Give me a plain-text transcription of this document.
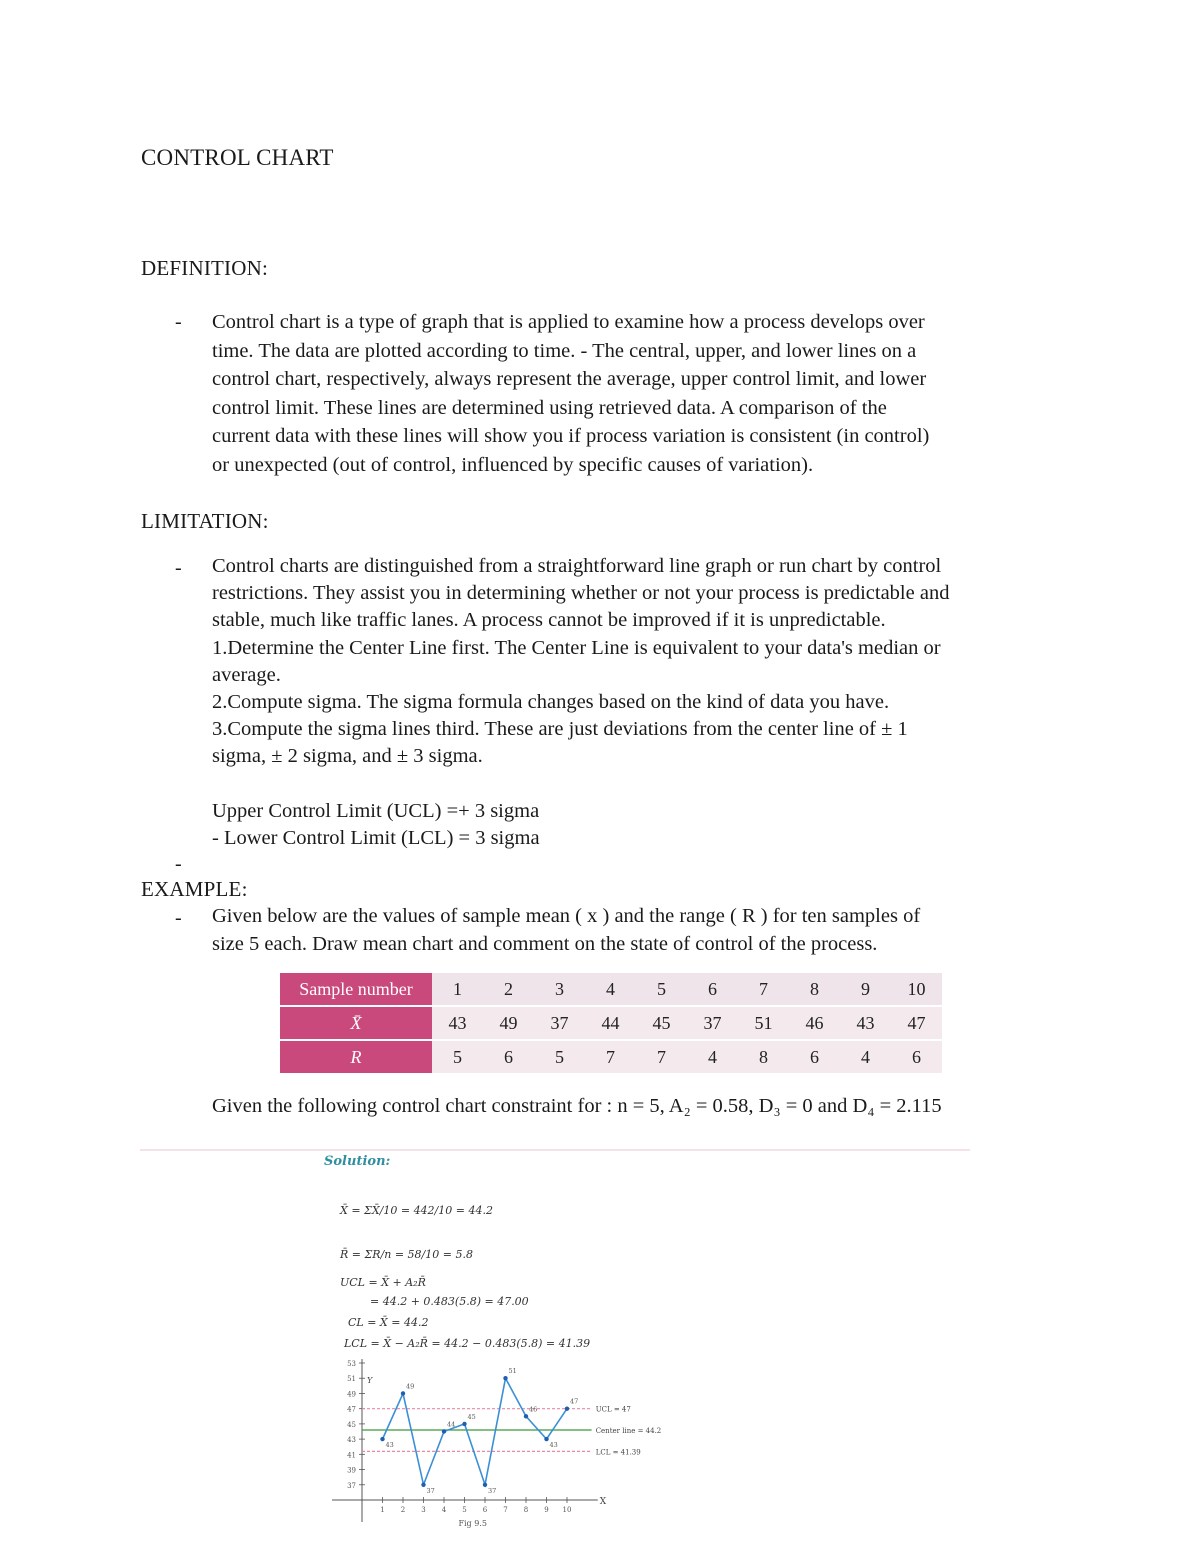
CONTROL CHART
DEFINITION:
- Control chart is a type of graph that is applied to examine how a process develops over

time. The data are plotted according to time. - The central, upper, and lower lines on a

control chart, respectively, always represent the average, upper control limit, and lower

control limit. These lines are determined using retrieved data. A comparison of the

current data with these lines will show you if process variation is consistent (in control)

or unexpected (out of control, influenced by specific causes of variation).

LIMITATION:
- Control charts are distinguished from a straightforward line graph or run chart by control

restrictions. They assist you in determining whether or not your process is predictable and

stable, much like traffic lanes. A process cannot be improved if it is unpredictable.

1.Determine the Center Line first. The Center Line is equivalent to your data's median or

average.

2.Compute sigma. The sigma formula changes based on the kind of data you have.

3.Compute the sigma lines third. These are just deviations from the center line of ± 1

sigma, ± 2 sigma, and ± 3 sigma.

Upper Control Limit (UCL) =+ 3 sigma

- Lower Control Limit (LCL) = 3 sigma

-
EXAMPLE:
- Given below are the values of sample mean ( x ) and the range ( R ) for ten samples of

size 5 each. Draw mean chart and comment on the state of control of the process.

Sample number	1	2	3	4	5	6	7	8	9	10
X̄	43	49	37	44	45	37	51	46	43	47
R	5	6	5	7	7	4	8	6	4	6
Given the following control chart constraint for : n = 5, A₂ = 0.58, D₃ = 0 and D₄ = 2.115
Solution:
X̄ = ΣX̄/10 = 442/10 = 44.2
R̄ = ΣR/n = 58/10 = 5.8
UCL = X̄ + A₂R̄
= 44.2 + 0.483(5.8) = 47.00
CL = X̄ = 44.2
LCL = X̄ − A₂R̄ = 44.2 − 0.483(5.8) = 41.39
X
Y
37
39
41
43
45
47
49
51
53
1 2 3 4 5 6 7 8 9 10
UCL = 47
Center line = 44.2
LCL = 41.39
43
49
37
44
45
37
51
46
43
47
Fig 9.5
